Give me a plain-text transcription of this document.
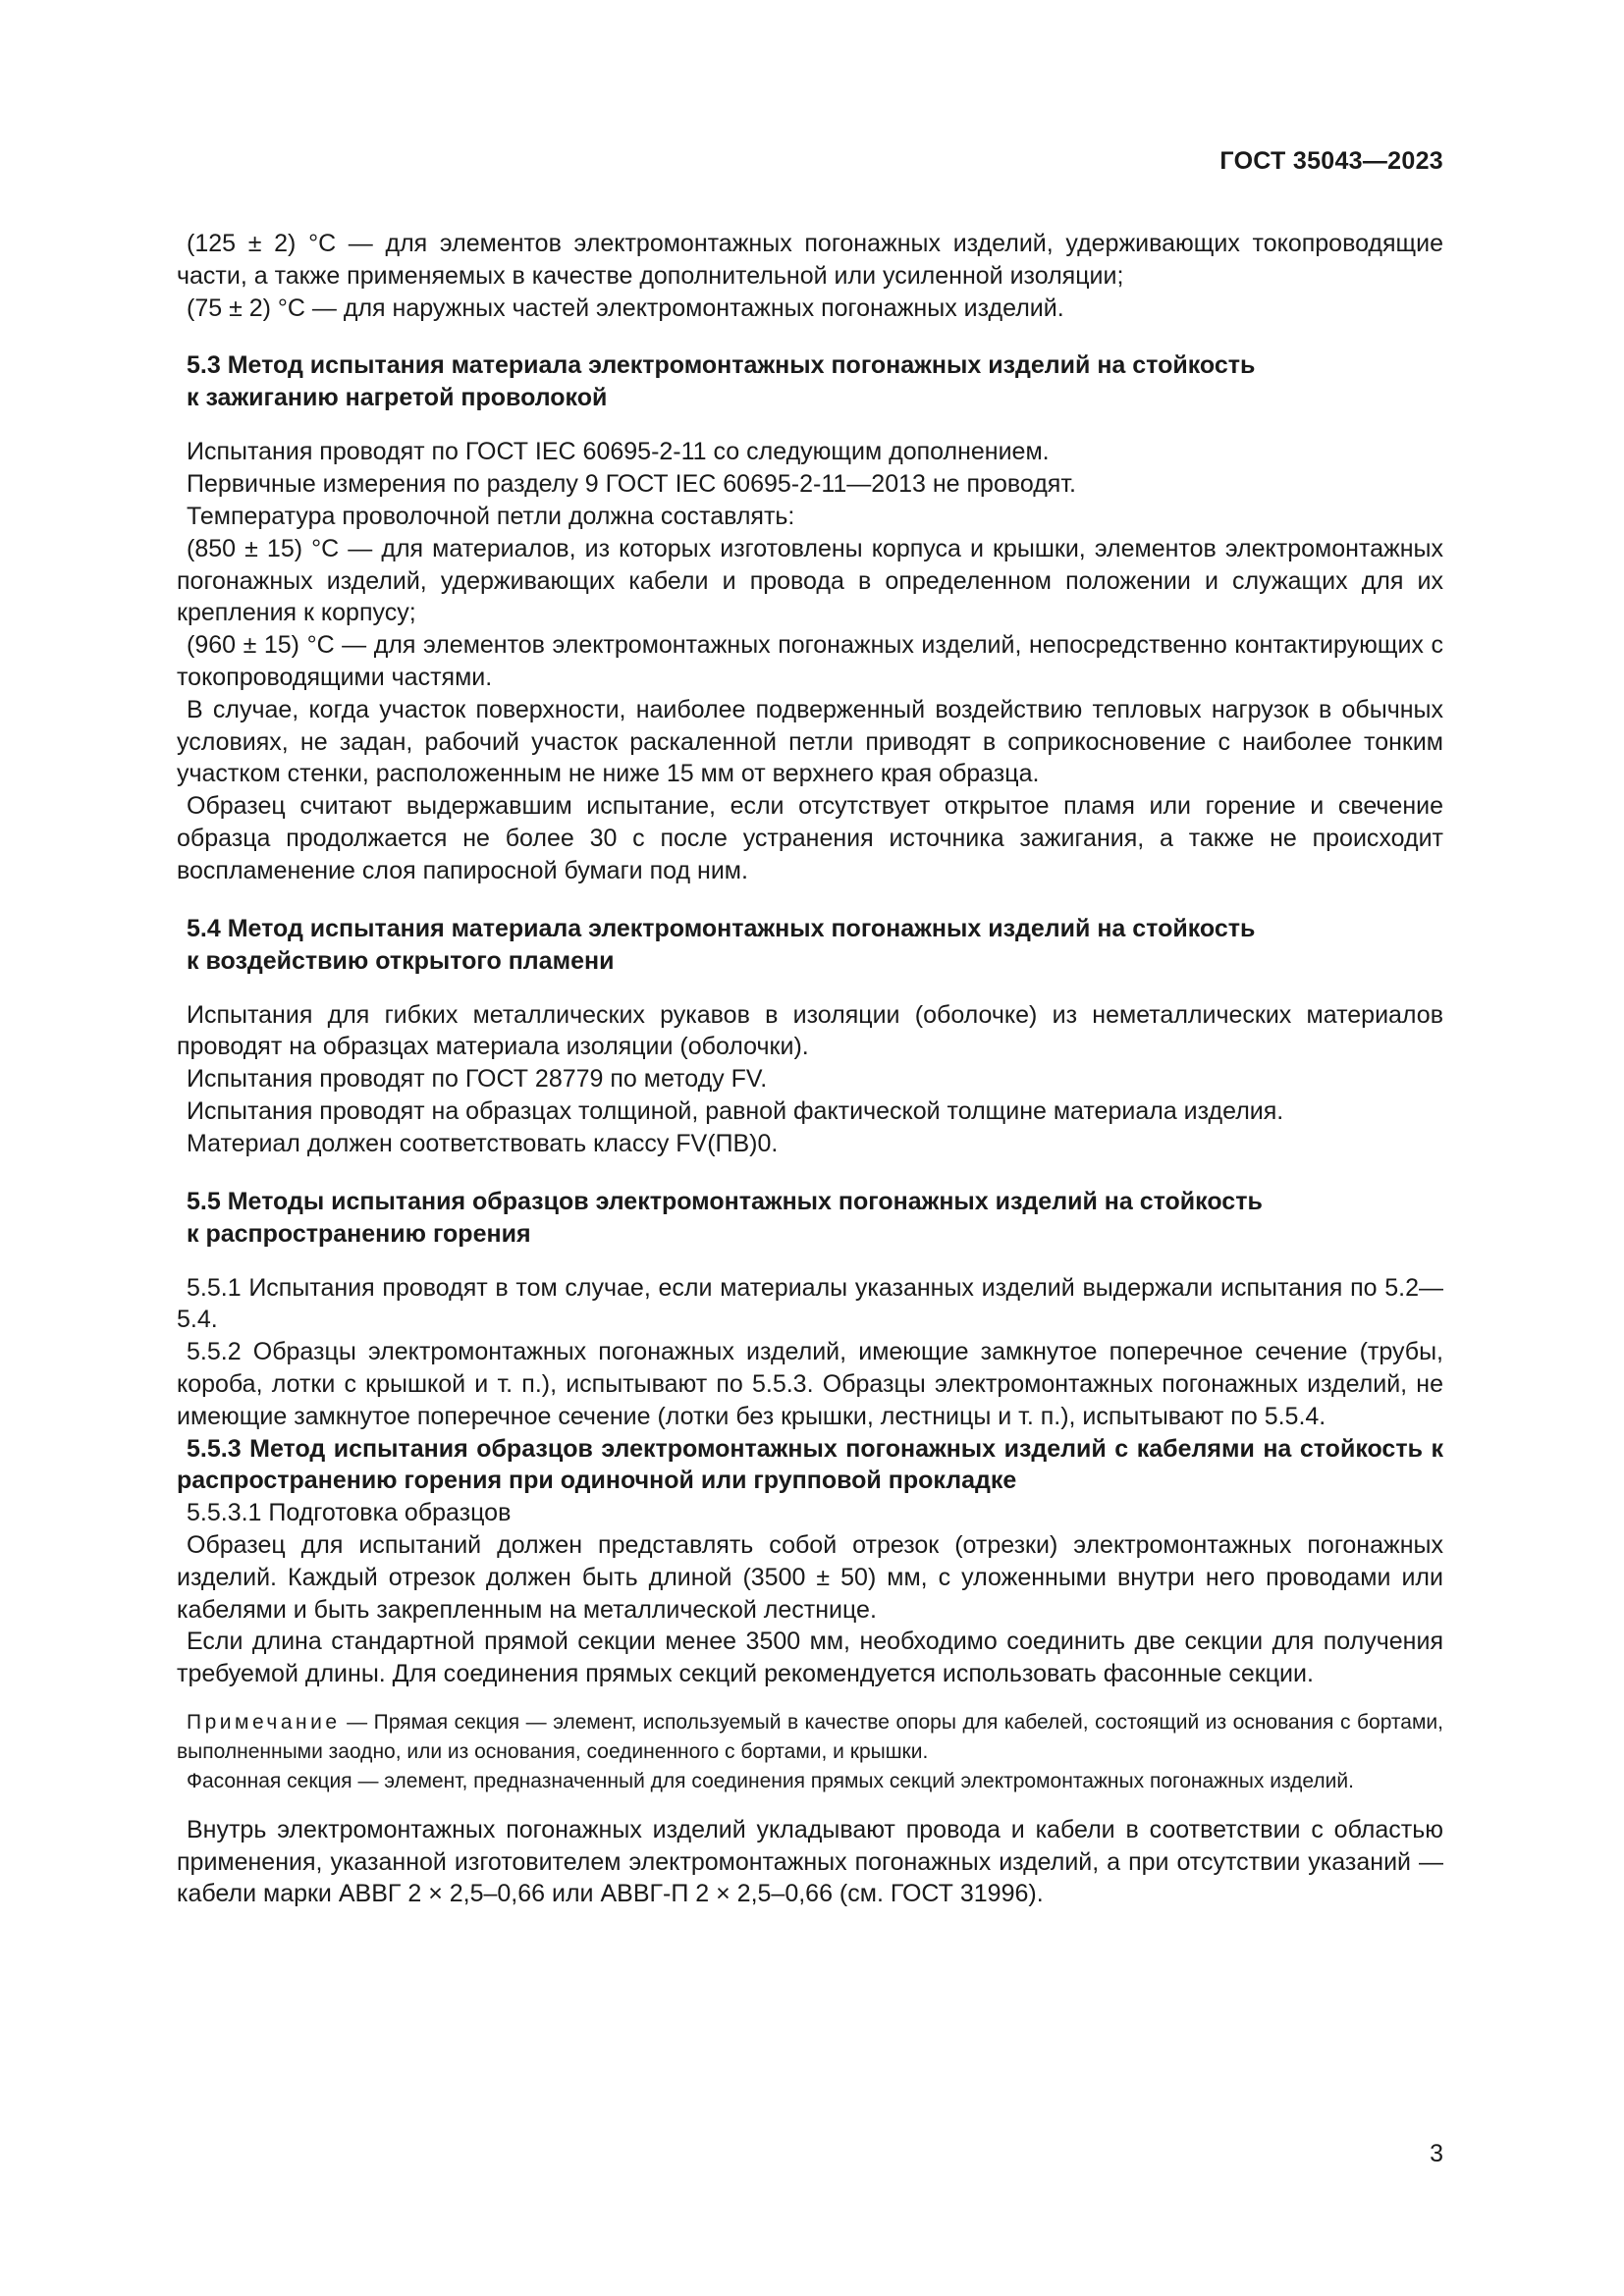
ГОСТ 35043—2023

(125 ± 2) °C — для элементов электромонтажных погонажных изделий, удерживающих токопроводящие части, а также применяемых в качестве дополнительной или усиленной изоляции;

(75 ± 2) °C — для наружных частей электромонтажных погонажных изделий.

5.3 Метод испытания материала электромонтажных погонажных изделий на стойкость
к зажиганию нагретой проволокой

Испытания проводят по ГОСТ IEC 60695-2-11 со следующим дополнением.

Первичные измерения по разделу 9 ГОСТ IEC 60695-2-11—2013 не проводят.

Температура проволочной петли должна составлять:

(850 ± 15) °C — для материалов, из которых изготовлены корпуса и крышки, элементов электромонтажных погонажных изделий, удерживающих кабели и провода в определенном положении и служащих для их крепления к корпусу;

(960 ± 15) °C — для элементов электромонтажных погонажных изделий, непосредственно контактирующих с токопроводящими частями.

В случае, когда участок поверхности, наиболее подверженный воздействию тепловых нагрузок в обычных условиях, не задан, рабочий участок раскаленной петли приводят в соприкосновение с наиболее тонким участком стенки, расположенным не ниже 15 мм от верхнего края образца.

Образец считают выдержавшим испытание, если отсутствует открытое пламя или горение и свечение образца продолжается не более 30 с после устранения источника зажигания, а также не происходит воспламенение слоя папиросной бумаги под ним.

5.4 Метод испытания материала электромонтажных погонажных изделий на стойкость
к воздействию открытого пламени

Испытания для гибких металлических рукавов в изоляции (оболочке) из неметаллических материалов проводят на образцах материала изоляции (оболочки).

Испытания проводят по ГОСТ 28779 по методу FV.

Испытания проводят на образцах толщиной, равной фактической толщине материала изделия.

Материал должен соответствовать классу FV(ПВ)0.

5.5 Методы испытания образцов электромонтажных погонажных изделий на стойкость
к распространению горения

5.5.1 Испытания проводят в том случае, если материалы указанных изделий выдержали испытания по 5.2—5.4.

5.5.2 Образцы электромонтажных погонажных изделий, имеющие замкнутое поперечное сечение (трубы, короба, лотки с крышкой и т. п.), испытывают по 5.5.3. Образцы электромонтажных погонажных изделий, не имеющие замкнутое поперечное сечение (лотки без крышки, лестницы и т. п.), испытывают по 5.5.4.

5.5.3 Метод испытания образцов электромонтажных погонажных изделий с кабелями на стойкость к распространению горения при одиночной или групповой прокладке

5.5.3.1 Подготовка образцов

Образец для испытаний должен представлять собой отрезок (отрезки) электромонтажных погонажных изделий. Каждый отрезок должен быть длиной (3500 ± 50) мм, с уложенными внутри него проводами или кабелями и быть закрепленным на металлической лестнице.

Если длина стандартной прямой секции менее 3500 мм, необходимо соединить две секции для получения требуемой длины. Для соединения прямых секций рекомендуется использовать фасонные секции.

Примечание — Прямая секция — элемент, используемый в качестве опоры для кабелей, состоящий из основания с бортами, выполненными заодно, или из основания, соединенного с бортами, и крышки.

Фасонная секция — элемент, предназначенный для соединения прямых секций электромонтажных погонажных изделий.

Внутрь электромонтажных погонажных изделий укладывают провода и кабели в соответствии с областью применения, указанной изготовителем электромонтажных погонажных изделий, а при отсутствии указаний — кабели марки АВВГ 2 × 2,5–0,66 или АВВГ-П 2 × 2,5–0,66 (см. ГОСТ 31996).

3
